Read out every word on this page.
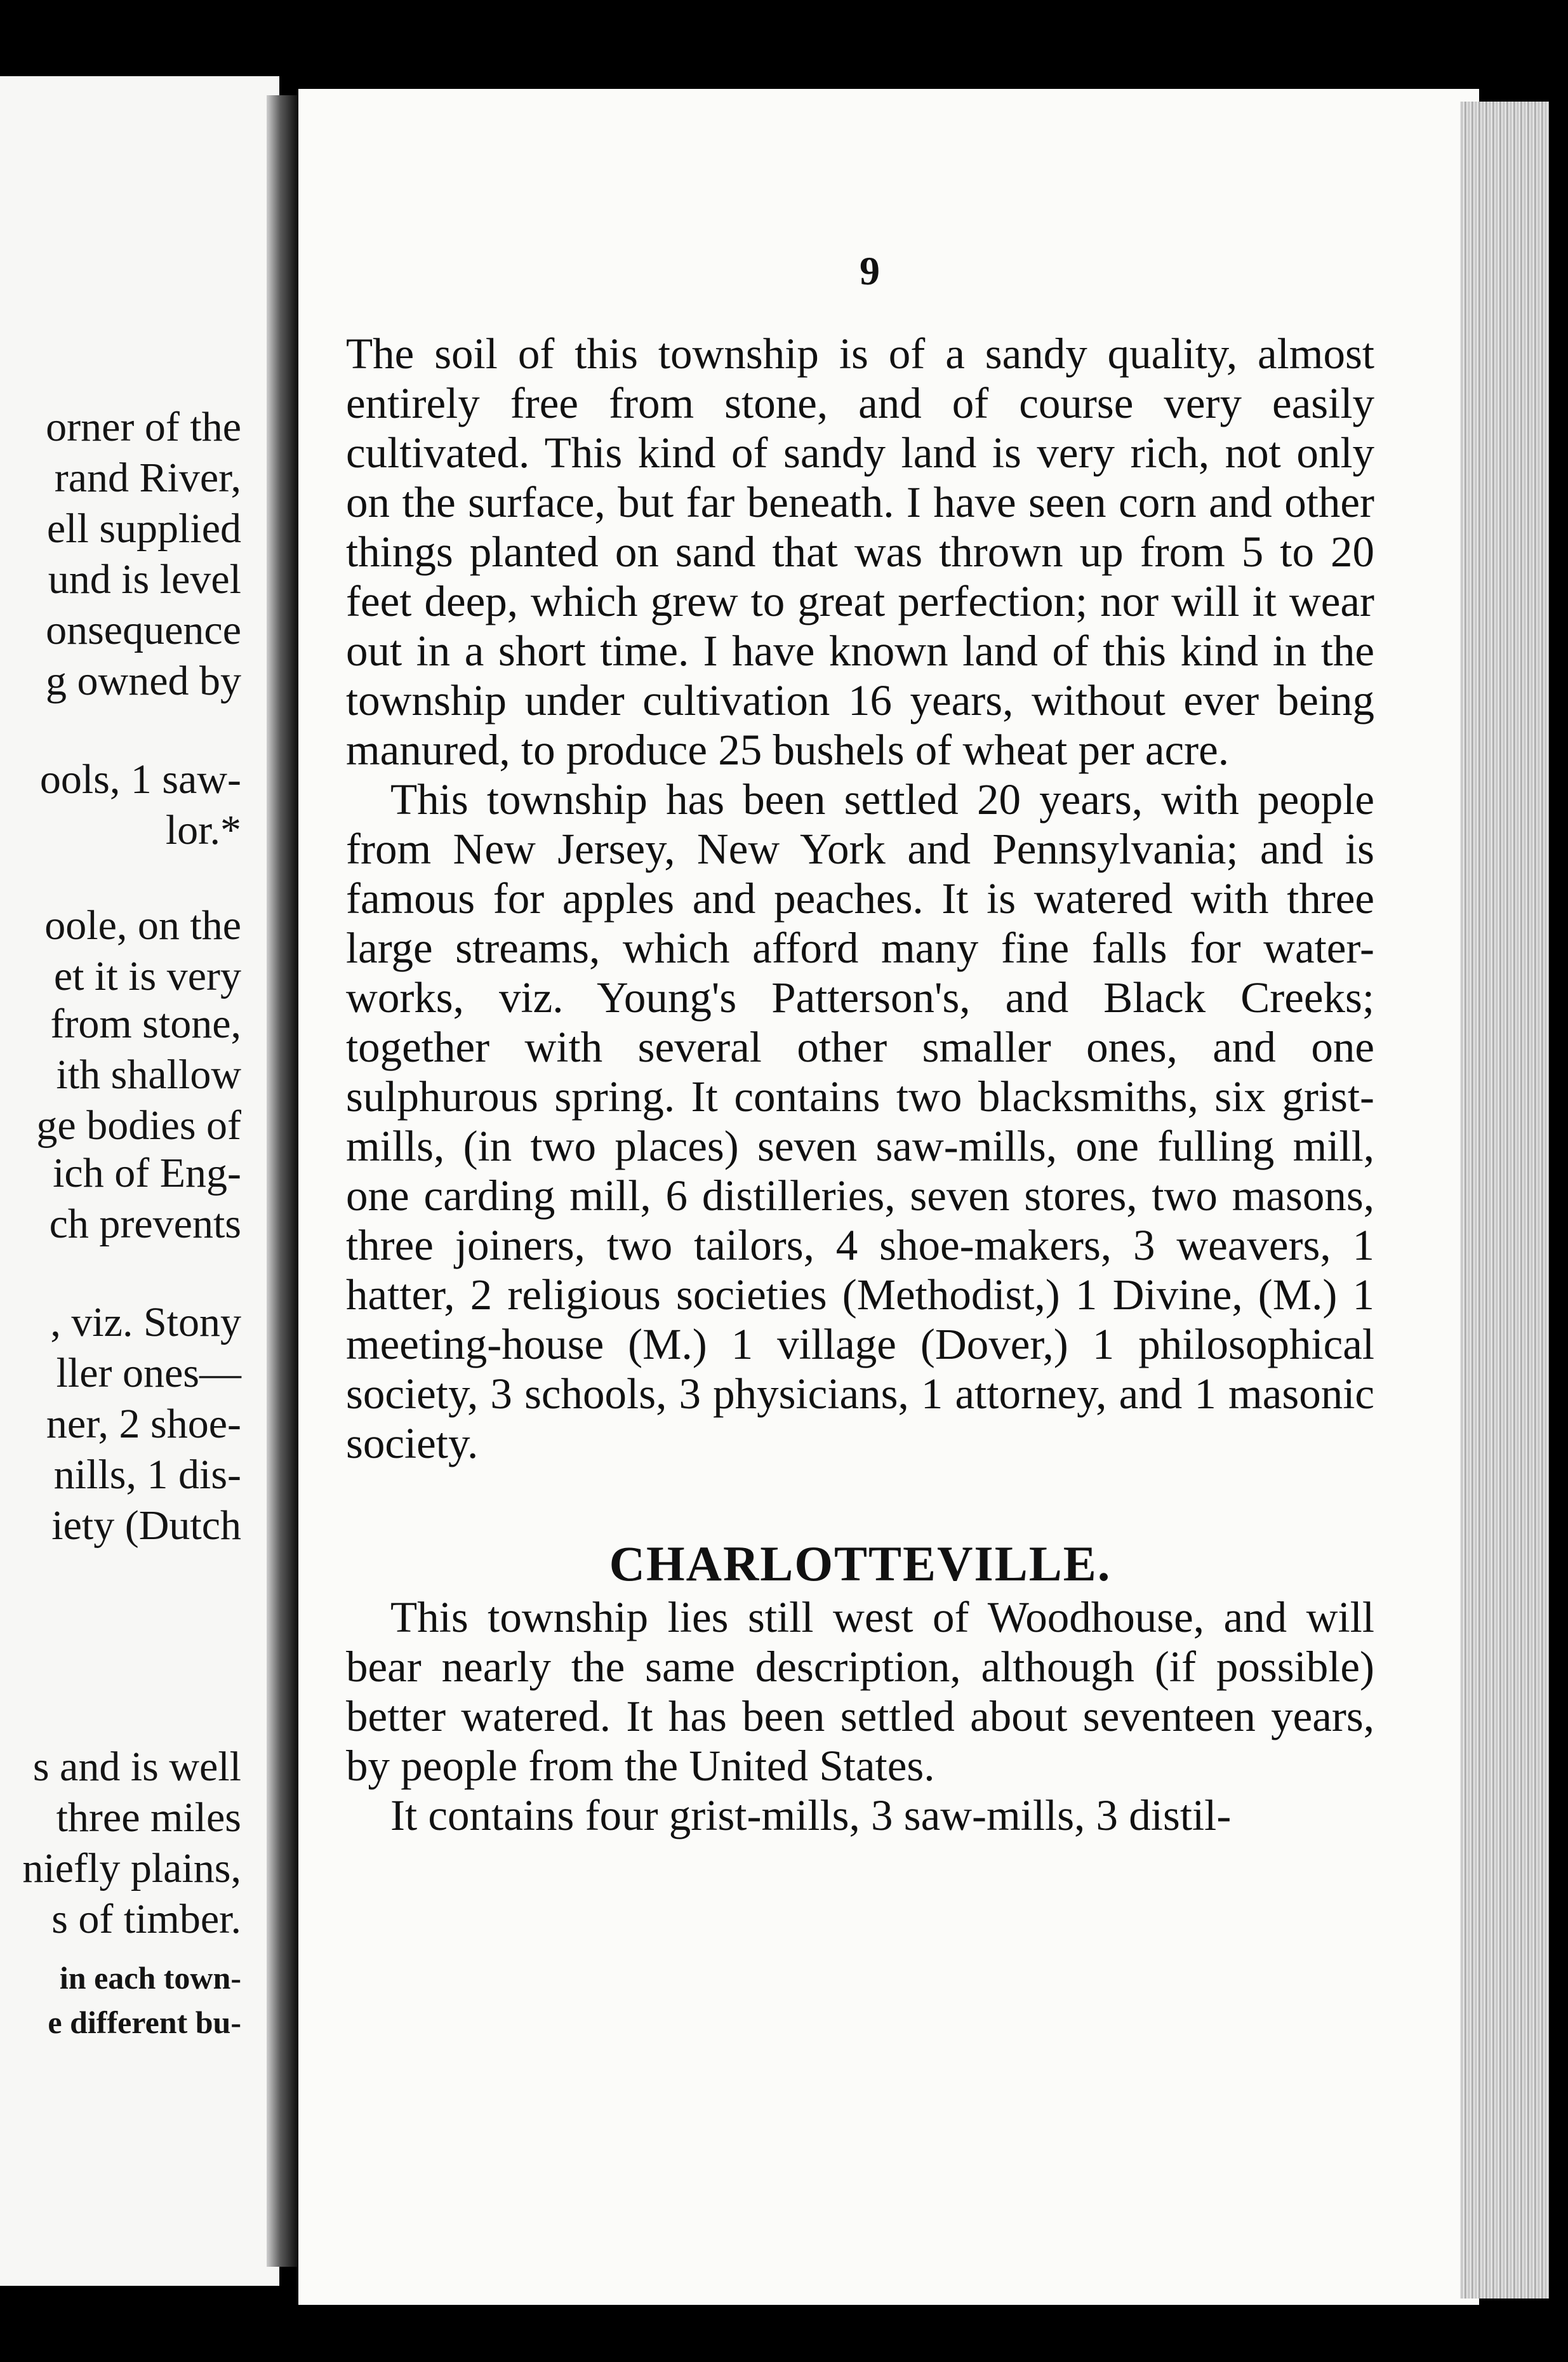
orner of the
rand River,
ell supplied
und is level
onsequence
g owned by
ools, 1 saw-
lor.*
oole, on the
et it is very
from stone,
ith shallow
ge bodies of
ich of Eng-
ch prevents
, viz. Stony
ller ones—
ner, 2 shoe-
nills, 1 dis-
iety (Dutch
s and is well
three miles
niefly plains,
s of timber.
in each town-
e different bu-
9

The soil of this township is of a sandy quality, almost entirely free from stone, and of course very easily cultivated. This kind of sandy land is very rich, not only on the surface, but far beneath. I have seen corn and other things planted on sand that was thrown up from 5 to 20 feet deep, which grew to great perfection; nor will it wear out in a short time. I have known land of this kind in the township under cultivation 16 years, without ever being manured, to produce 25 bushels of wheat per acre.

This township has been settled 20 years, with people from New Jersey, New York and Pennsylvania; and is famous for apples and peaches. It is watered with three large streams, which afford many fine falls for water-works, viz. Young's Patterson's, and Black Creeks; together with several other smaller ones, and one sulphurous spring. It contains two blacksmiths, six grist-mills, (in two places) seven saw-mills, one fulling mill, one carding mill, 6 distilleries, seven stores, two masons, three joiners, two tailors, 4 shoe-makers, 3 weavers, 1 hatter, 2 religious societies (Methodist,) 1 Divine, (M.) 1 meeting-house (M.) 1 village (Dover,) 1 philosophical society, 3 schools, 3 physicians, 1 attorney, and 1 masonic society.

CHARLOTTEVILLE.

This township lies still west of Woodhouse, and will bear nearly the same description, although (if possible) better watered. It has been settled about seventeen years, by people from the United States.

It contains four grist-mills, 3 saw-mills, 3 distil-
